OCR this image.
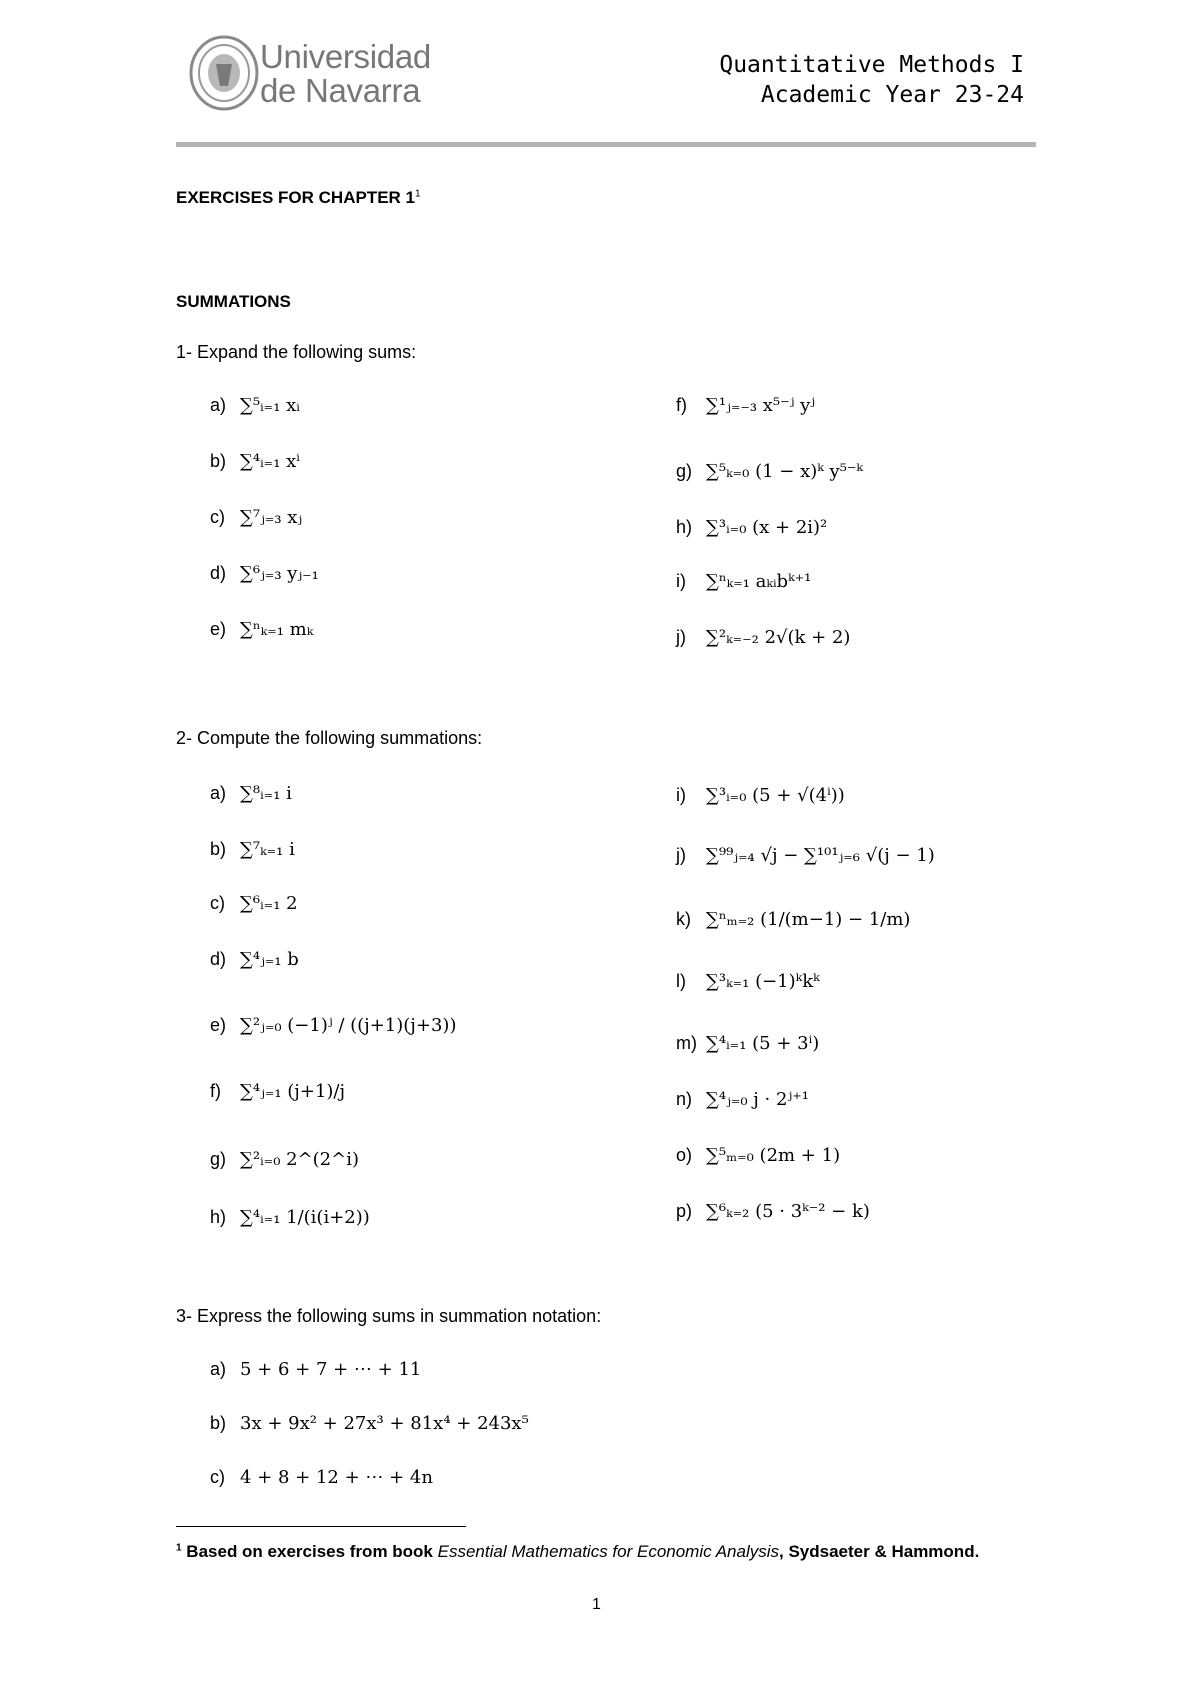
Universidad
de Navarra
Quantitative Methods I
Academic Year 23-24
EXERCISES FOR CHAPTER $1^1$
SUMMATIONS
1- Expand the following sums:
a) ∑⁵ᵢ₌₁ xᵢ
b) ∑⁴ᵢ₌₁ xⁱ
c) ∑⁷ⱼ₌₃ xⱼ
d) ∑⁶ⱼ₌₃ yⱼ₋₁
e) ∑ⁿₖ₌₁ mₖ
f) ∑¹ⱼ₌₋₃ x⁵⁻ʲ yʲ
g) ∑⁵ₖ₌₀ (1 − x)ᵏ y⁵⁻ᵏ
h) ∑³ᵢ₌₀ (x + 2i)²
i) ∑ⁿₖ₌₁ aₖᵢbᵏ⁺¹
j) ∑²ₖ₌₋₂ 2√(k + 2)
2- Compute the following summations:
a) ∑⁸ᵢ₌₁ i
b) ∑⁷ₖ₌₁ i
c) ∑⁶ᵢ₌₁ 2
d) ∑⁴ⱼ₌₁ b
e) ∑²ⱼ₌₀ (−1)ʲ / ((j+1)(j+3))
f) ∑⁴ⱼ₌₁ (j+1)/j
g) ∑²ᵢ₌₀ 2^(2^i)
h) ∑⁴ᵢ₌₁ 1/(i(i+2))
i) ∑³ᵢ₌₀ (5 + √(4ⁱ))
j) ∑⁹⁹ⱼ₌₄ √j − ∑¹⁰¹ⱼ₌₆ √(j − 1)
k) ∑ⁿₘ₌₂ (1/(m−1) − 1/m)
l) ∑³ₖ₌₁ (−1)ᵏkᵏ
m) ∑⁴ᵢ₌₁ (5 + 3ⁱ)
n) ∑⁴ⱼ₌₀ j · 2ʲ⁺¹
o) ∑⁵ₘ₌₀ (2m + 1)
p) ∑⁶ₖ₌₂ (5 · 3ᵏ⁻² − k)
3- Express the following sums in summation notation:
a) 5 + 6 + 7 + ⋯ + 11
b) 3x + 9x² + 27x³ + 81x⁴ + 243x⁵
c) 4 + 8 + 12 + ⋯ + 4n
$^1$ Based on exercises from book Essential Mathematics for Economic Analysis, Sydsaeter & Hammond.
1
